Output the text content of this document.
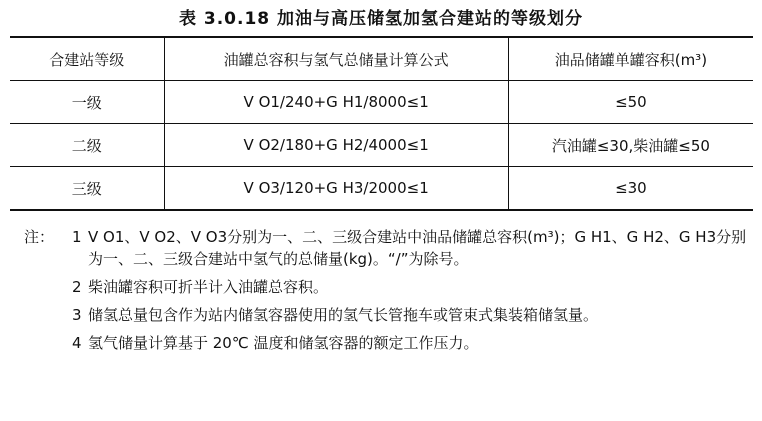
表 3.0.18 加油与高压储氢加氢合建站的等级划分
合建站等级	油罐总容积与氢气总储量计算公式	油品储罐单罐容积(m³)
一级	V O1/240+G H1/8000≤1	≤50
二级	V O2/180+G H2/4000≤1	汽油罐≤30,柴油罐≤50
三级	V O3/120+G H3/2000≤1	≤30
注： 1 V O1、V O2、V O3分别为一、二、三级合建站中油品储罐总容积(m³)；G H1、G H2、G H3分别为一、二、三级合建站中氢气的总储量(kg)。“/”为除号。
2 柴油罐容积可折半计入油罐总容积。
3 储氢总量包含作为站内储氢容器使用的氢气长管拖车或管束式集装箱储氢量。
4 氢气储量计算基于 20℃ 温度和储氢容器的额定工作压力。
